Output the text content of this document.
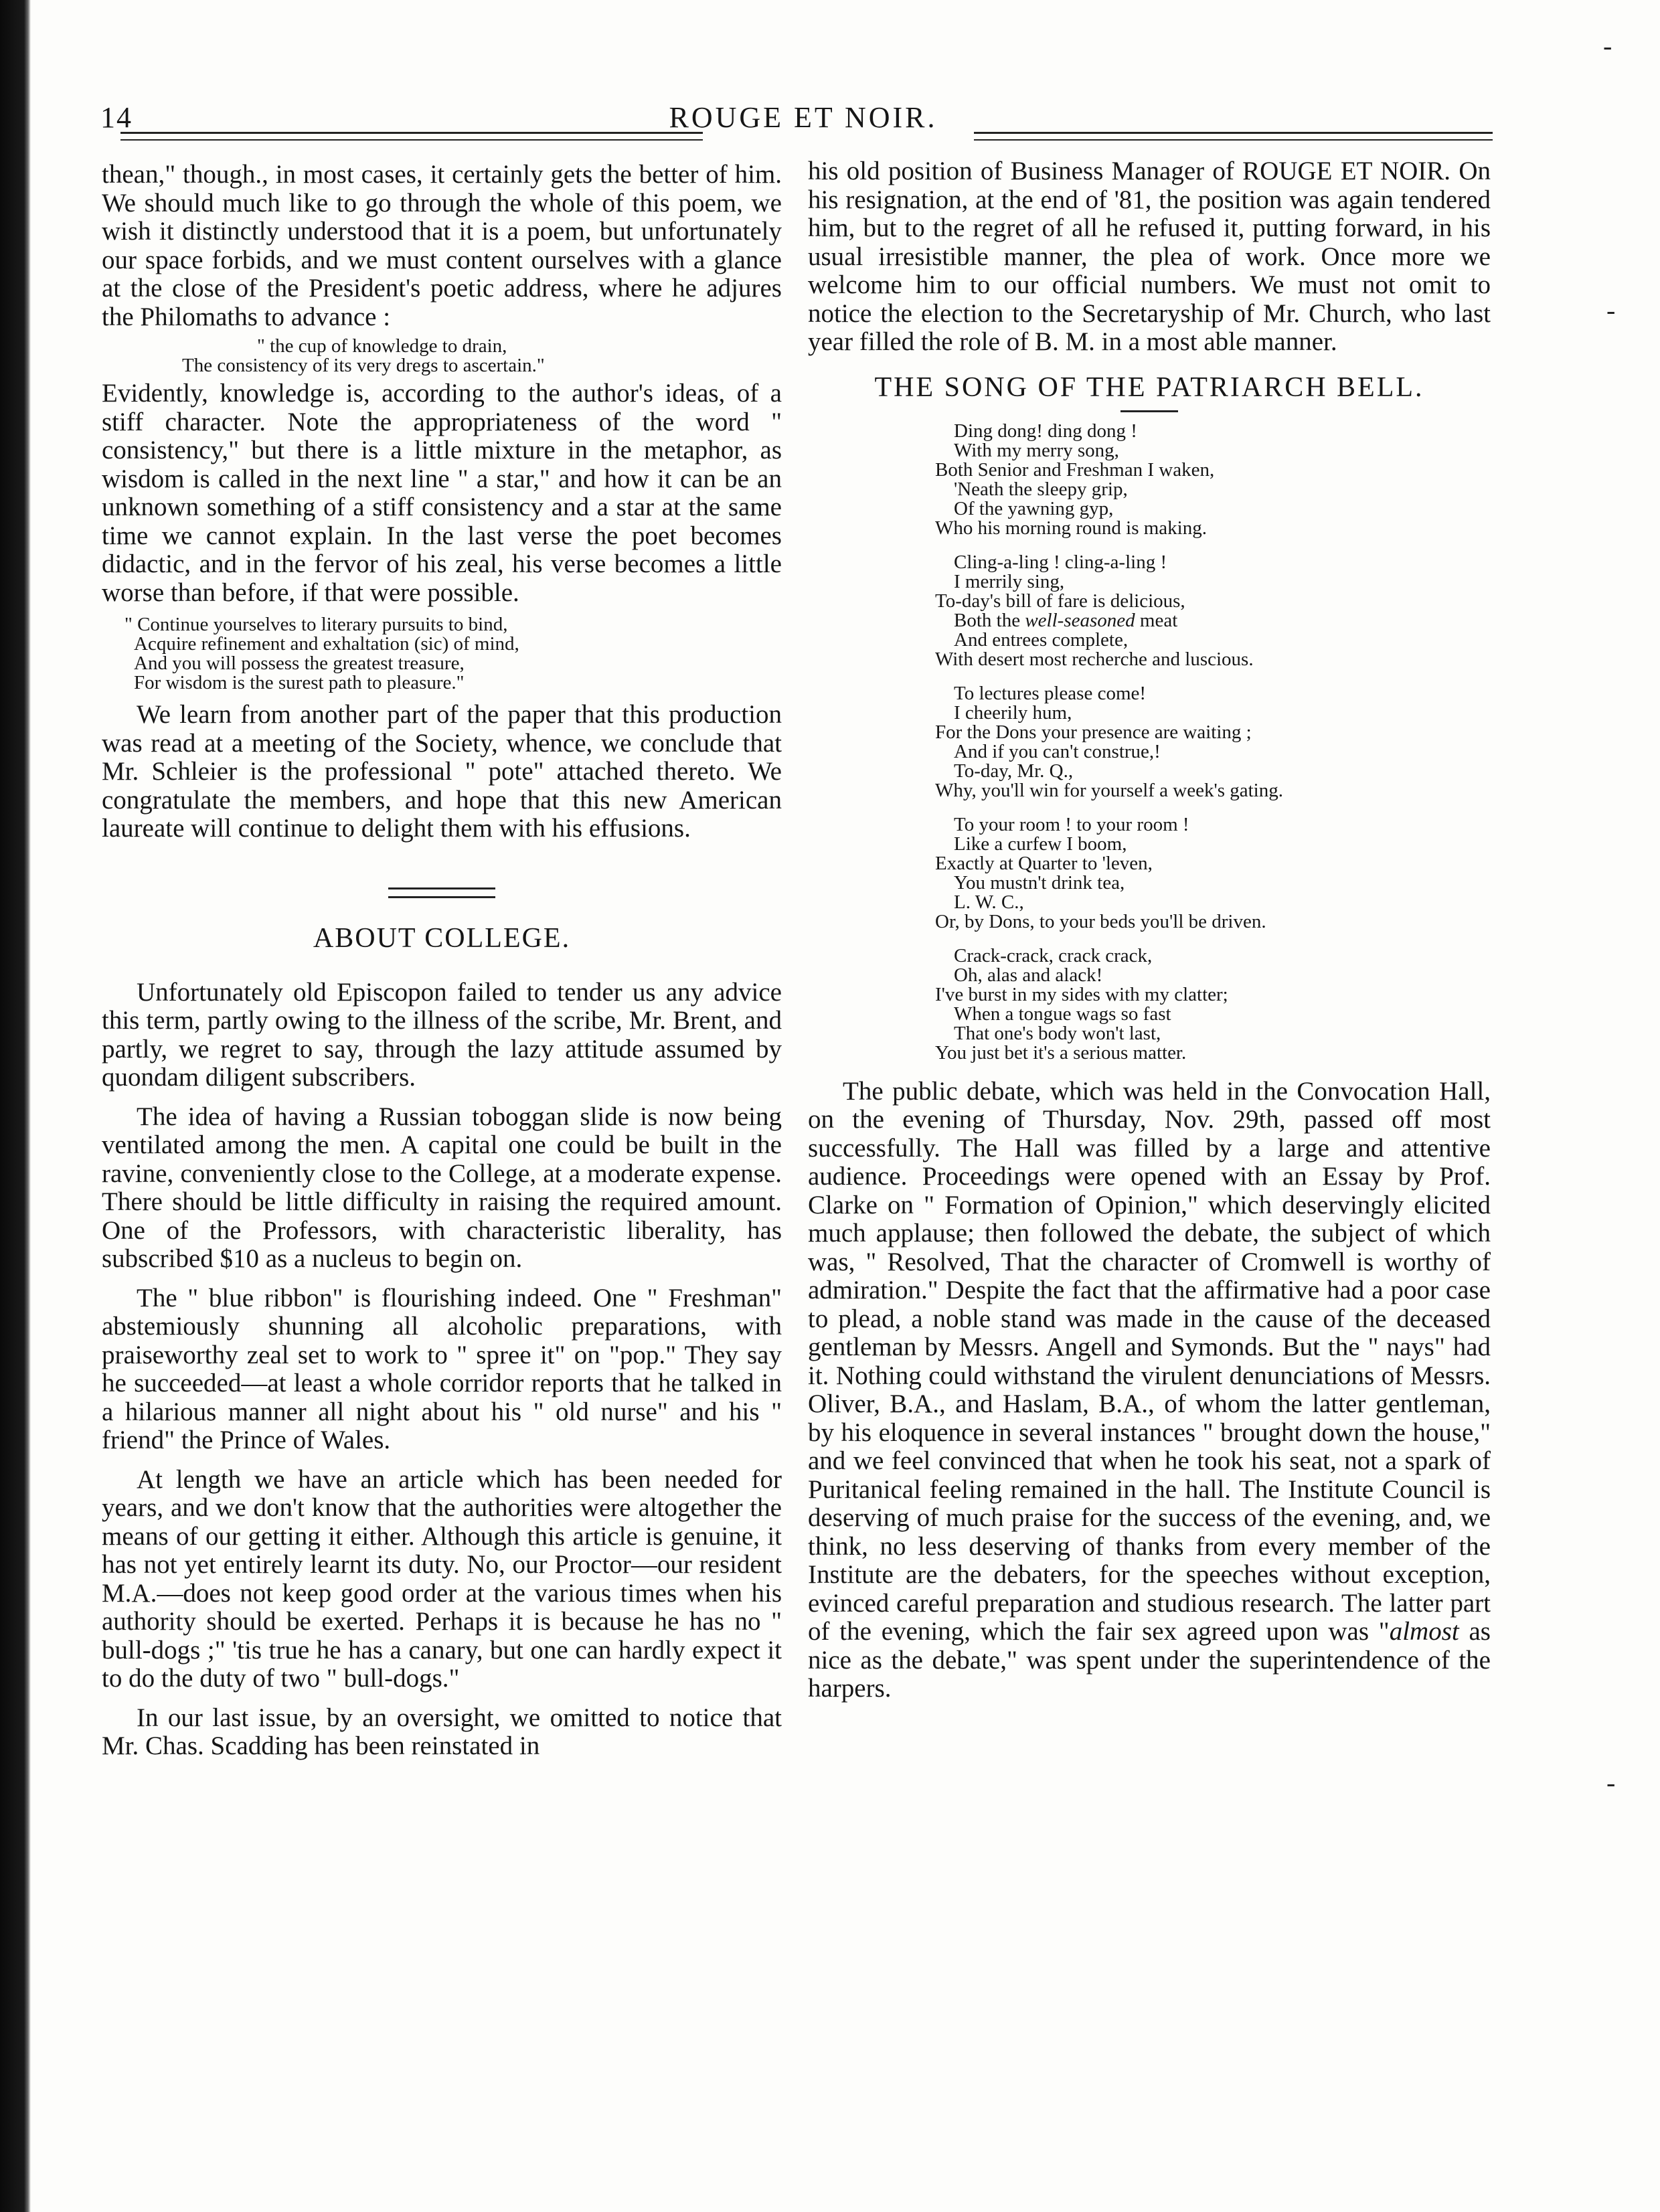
14	ROUGE ET NOIR.

thean," though., in most cases, it certainly gets the better of him. We should much like to go through the whole of this poem, we wish it distinctly understood that it is a poem, but unfortunately our space forbids, and we must content ourselves with a glance at the close of the President's poetic address, where he adjures the Philomaths to advance :

" the cup of knowledge to drain,
The consistency of its very dregs to ascertain."

Evidently, knowledge is, according to the author's ideas, of a stiff character. Note the appropriateness of the word " consistency," but there is a little mixture in the metaphor, as wisdom is called in the next line " a star," and how it can be an unknown something of a stiff consistency and a star at the same time we cannot explain. In the last verse the poet becomes didactic, and in the fervor of his zeal, his verse becomes a little worse than before, if that were possible.

" Continue yourselves to literary pursuits to bind,
Acquire refinement and exhaltation (sic) of mind,
And you will possess the greatest treasure,
For wisdom is the surest path to pleasure."

We learn from another part of the paper that this production was read at a meeting of the Society, whence, we conclude that Mr. Schleier is the professional " pote" attached thereto. We congratulate the members, and hope that this new American laureate will continue to delight them with his effusions.

ABOUT COLLEGE.

Unfortunately old Episcopon failed to tender us any advice this term, partly owing to the illness of the scribe, Mr. Brent, and partly, we regret to say, through the lazy attitude assumed by quondam diligent subscribers.

The idea of having a Russian toboggan slide is now being ventilated among the men. A capital one could be built in the ravine, conveniently close to the College, at a moderate expense. There should be little difficulty in raising the required amount. One of the Professors, with characteristic liberality, has subscribed $10 as a nucleus to begin on.

The " blue ribbon" is flourishing indeed. One " Freshman" abstemiously shunning all alcoholic preparations, with praiseworthy zeal set to work to " spree it" on "pop." They say he succeeded—at least a whole corridor reports that he talked in a hilarious manner all night about his " old nurse" and his " friend" the Prince of Wales.

At length we have an article which has been needed for years, and we don't know that the authorities were altogether the means of our getting it either. Although this article is genuine, it has not yet entirely learnt its duty. No, our Proctor—our resident M.A.—does not keep good order at the various times when his authority should be exerted. Perhaps it is because he has no " bull-dogs ;" 'tis true he has a canary, but one can hardly expect it to do the duty of two " bull-dogs."

In our last issue, by an oversight, we omitted to notice that Mr. Chas. Scadding has been reinstated in

his old position of Business Manager of ROUGE ET NOIR. On his resignation, at the end of '81, the position was again tendered him, but to the regret of all he refused it, putting forward, in his usual irresistible manner, the plea of work. Once more we welcome him to our official numbers. We must not omit to notice the election to the Secretaryship of Mr. Church, who last year filled the role of B. M. in a most able manner.

THE SONG OF THE PATRIARCH BELL.
Ding dong! ding dong !
With my merry song,
Both Senior and Freshman I waken,
'Neath the sleepy grip,
Of the yawning gyp,
Who his morning round is making.
Cling-a-ling ! cling-a-ling !
I merrily sing,
To-day's bill of fare is delicious,
Both the well-seasoned meat
And entrees complete,
With desert most recherche and luscious.
To lectures please come!
I cheerily hum,
For the Dons your presence are waiting ;
And if you can't construe,!
To-day, Mr. Q.,
Why, you'll win for yourself a week's gating.
To your room ! to your room !
Like a curfew I boom,
Exactly at Quarter to 'leven,
You mustn't drink tea,
L. W. C.,
Or, by Dons, to your beds you'll be driven.
Crack-crack, crack crack,
Oh, alas and alack!
I've burst in my sides with my clatter;
When a tongue wags so fast
That one's body won't last,
You just bet it's a serious matter.

The public debate, which was held in the Convocation Hall, on the evening of Thursday, Nov. 29th, passed off most successfully. The Hall was filled by a large and attentive audience. Proceedings were opened with an Essay by Prof. Clarke on " Formation of Opinion," which deservingly elicited much applause; then followed the debate, the subject of which was, " Resolved, That the character of Cromwell is worthy of admiration." Despite the fact that the affirmative had a poor case to plead, a noble stand was made in the cause of the deceased gentleman by Messrs. Angell and Symonds. But the " nays" had it. Nothing could withstand the virulent denunciations of Messrs. Oliver, B.A., and Haslam, B.A., of whom the latter gentleman, by his eloquence in several instances " brought down the house," and we feel convinced that when he took his seat, not a spark of Puritanical feeling remained in the hall. The Institute Council is deserving of much praise for the success of the evening, and, we think, no less deserving of thanks from every member of the Institute are the debaters, for the speeches without exception, evinced careful preparation and studious research. The latter part of the evening, which the fair sex agreed upon was "almost as nice as the debate," was spent under the superintendence of the harpers.

-
-
-
